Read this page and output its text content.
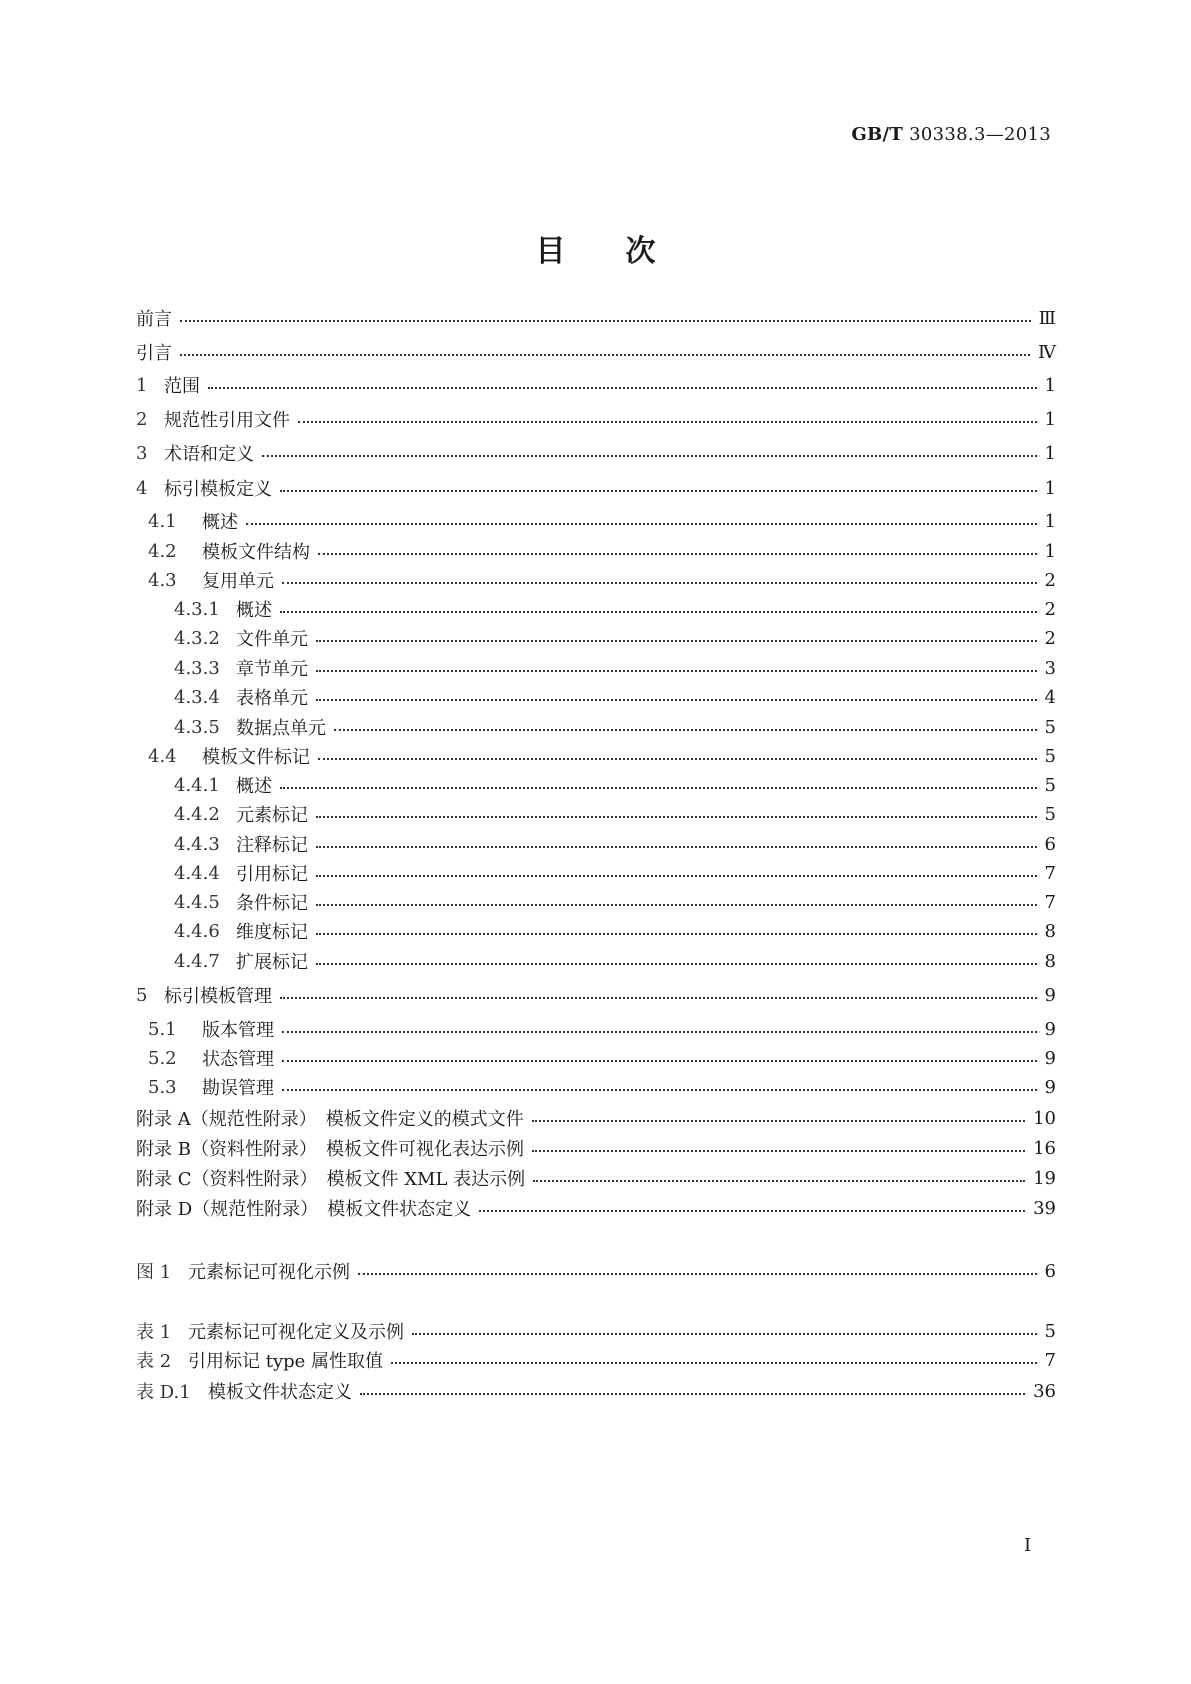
GB/T 30338.3—2013
目 次
前言	Ⅲ
引言	Ⅳ
1 范围	1
2 规范性引用文件	1
3 术语和定义	1
4 标引模板定义	1
4.1	概述	1
4.2	模板文件结构	1
4.3	复用单元	2
4.3.1 概述	2
4.3.2 文件单元	2
4.3.3 章节单元	3
4.3.4 表格单元	4
4.3.5 数据点单元	5
4.4	模板文件标记	5
4.4.1 概述	5
4.4.2 元素标记	5
4.4.3 注释标记	6
4.4.4 引用标记	7
4.4.5 条件标记	7
4.4.6 维度标记	8
4.4.7 扩展标记	8
5 标引模板管理	9
5.1	版本管理	9
5.2	状态管理	9
5.3	勘误管理	9
附录 A（规范性附录）　模板文件定义的模式文件	10
附录 B（资料性附录）　模板文件可视化表达示例	16
附录 C（资料性附录）　模板文件 XML 表达示例	19
附录 D（规范性附录）　模板文件状态定义	39
图 1 元素标记可视化示例	6
表 1 元素标记可视化定义及示例	5
表 2 引用标记 type 属性取值	7
表 D.1 模板文件状态定义	36
I
